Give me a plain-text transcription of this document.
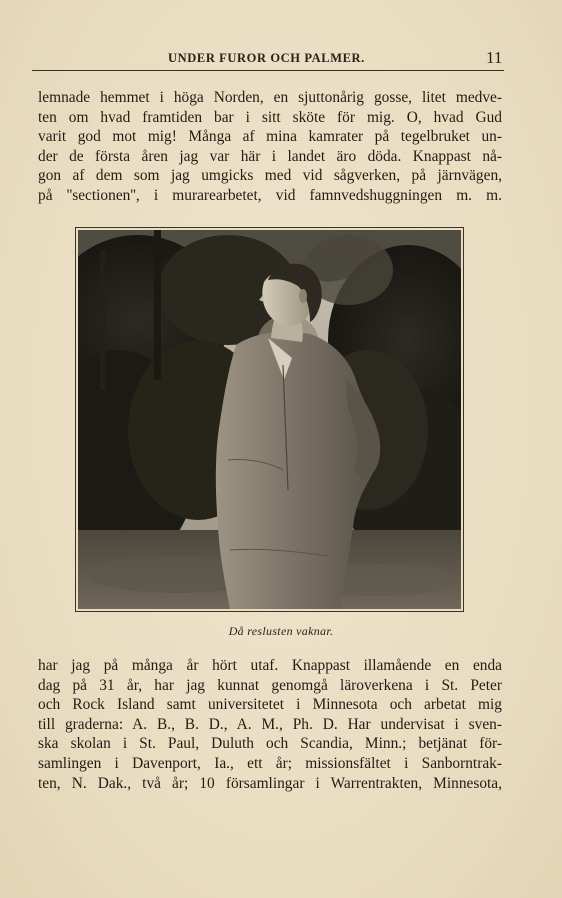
UNDER FUROR OCH PALMER.	11
lemnade hemmet i höga Norden, en sjuttonårig gosse, litet medve-
ten om hvad framtiden bar i sitt sköte för mig. O, hvad Gud
varit god mot mig! Många af mina kamrater på tegelbruket un-
der de första åren jag var här i landet äro döda. Knappast nå-
gon af dem som jag umgicks med vid sågverken, på järnvägen,
på ''sectionen'', i murarearbetet, vid famnvedshuggningen m. m.
Då reslusten vaknar.
har jag på många år hört utaf. Knappast illamående en enda
dag på 31 år, har jag kunnat genomgå läroverkena i St. Peter
och Rock Island samt universitetet i Minnesota och arbetat mig
till graderna: A. B., B. D., A. M., Ph. D. Har undervisat i sven-
ska skolan i St. Paul, Duluth och Scandia, Minn.; betjänat för-
samlingen i Davenport, Ia., ett år; missionsfältet i Sanborntrak-
ten, N. Dak., två år; 10 församlingar i Warrentrakten, Minnesota,
